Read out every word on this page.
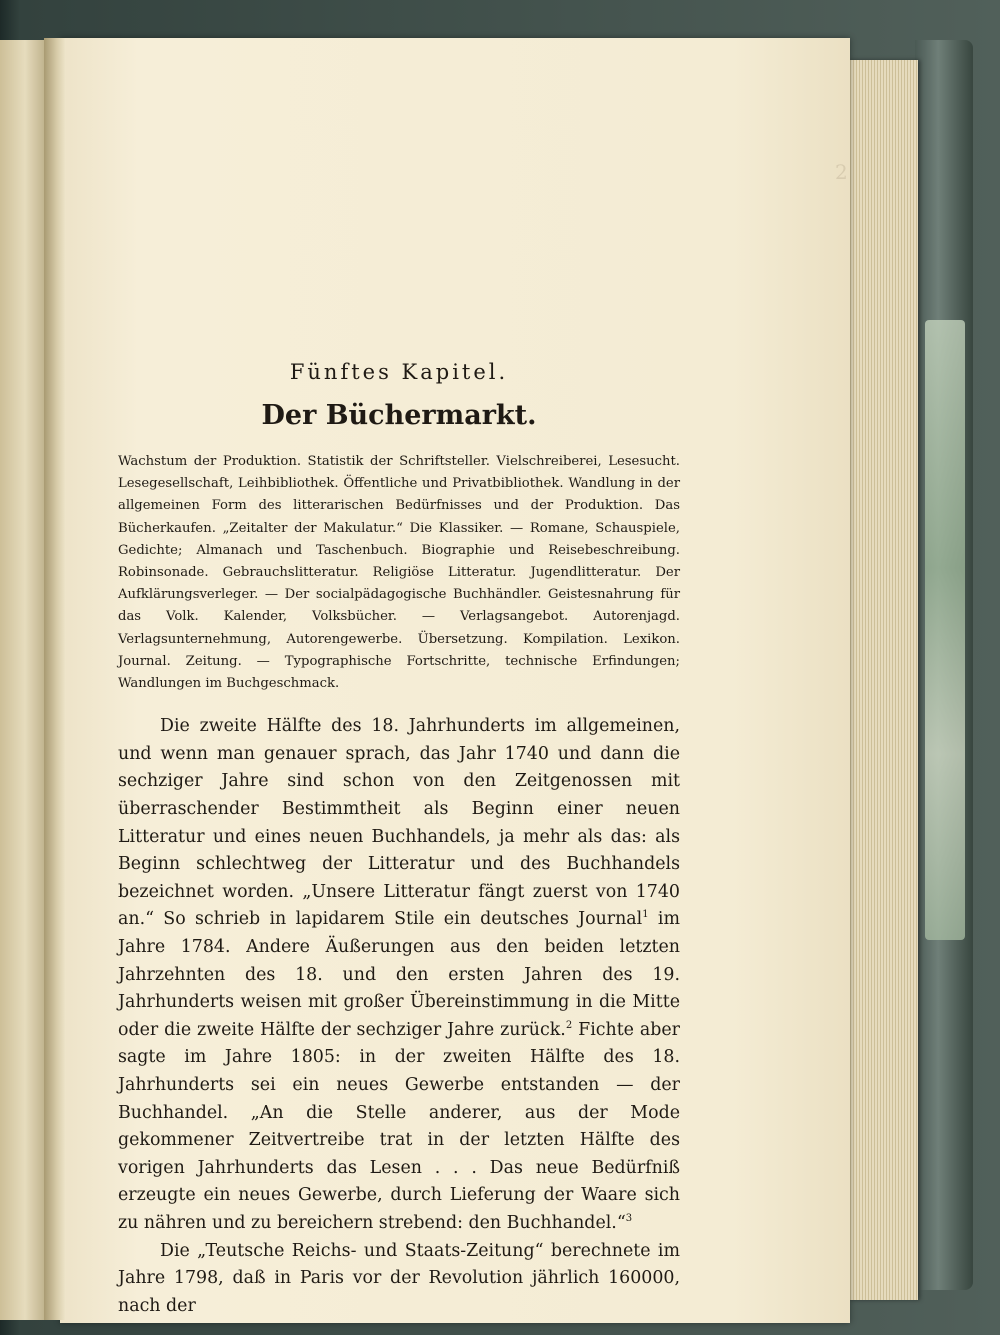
2
Fünftes Kapitel.
Der Büchermarkt.

Wachstum der Produktion. Statistik der Schriftsteller. Vielschreiberei, Lesesucht. Lesegesellschaft, Leihbibliothek. Öffentliche und Privatbibliothek. Wandlung in der allgemeinen Form des litterarischen Bedürfnisses und der Produktion. Das Bücherkaufen. „Zeitalter der Makulatur.“ Die Klassiker. — Romane, Schauspiele, Gedichte; Almanach und Taschenbuch. Biographie und Reisebeschreibung. Robinsonade. Gebrauchslitteratur. Religiöse Litteratur. Jugendlitteratur. Der Aufklärungsverleger. — Der socialpädagogische Buchhändler. Geistesnahrung für das Volk. Kalender, Volksbücher. — Verlagsangebot. Autorenjagd. Verlagsunternehmung, Autorengewerbe. Übersetzung. Kompilation. Lexikon. Journal. Zeitung. — Typographische Fortschritte, technische Erfindungen; Wandlungen im Buchgeschmack.

Die zweite Hälfte des 18. Jahrhunderts im allgemeinen, und wenn man genauer sprach, das Jahr 1740 und dann die sechziger Jahre sind schon von den Zeitgenossen mit überraschender Bestimmtheit als Beginn einer neuen Litteratur und eines neuen Buchhandels, ja mehr als das: als Beginn schlechtweg der Litteratur und des Buchhandels bezeichnet worden. „Unsere Litteratur fängt zuerst von 1740 an.“ So schrieb in lapidarem Stile ein deutsches Journal$^1$ im Jahre 1784. Andere Äußerungen aus den beiden letzten Jahrzehnten des 18. und den ersten Jahren des 19. Jahrhunderts weisen mit großer Übereinstimmung in die Mitte oder die zweite Hälfte der sechziger Jahre zurück.$^2$ Fichte aber sagte im Jahre 1805: in der zweiten Hälfte des 18. Jahrhunderts sei ein neues Gewerbe entstanden — der Buchhandel. „An die Stelle anderer, aus der Mode gekommener Zeitvertreibe trat in der letzten Hälfte des vorigen Jahrhunderts das Lesen . . . Das neue Bedürfniß erzeugte ein neues Gewerbe, durch Lieferung der Waare sich zu nähren und zu bereichern strebend: den Buchhandel.“$^3$

Die „Teutsche Reichs- und Staats-Zeitung“ berechnete im Jahre 1798, daß in Paris vor der Revolution jährlich 160000, nach der
